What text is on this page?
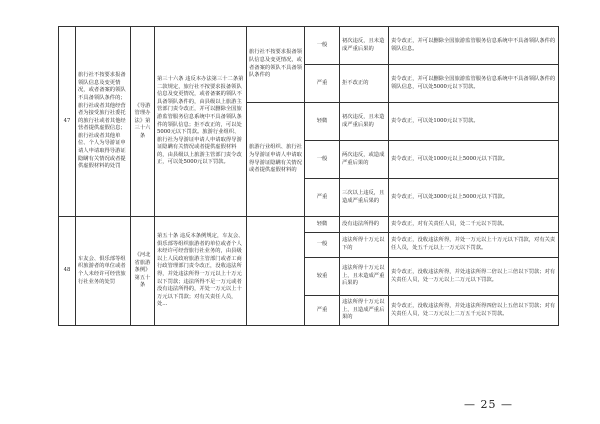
47	旅行社不按要求报备领队信息及变更情况，或者备案的领队不具备领队条件的；旅行社或者其他经营者为接受旅行社委托的旅行社或者其他经营者提供虚假信息；旅行社或者其他单位、个人为导游证申请人申请取得导游证隐瞒有关情况或者提供虚假材料的处罚	《导游管理办法》第三十六条	第三十六条 违反本办法第三十二条第二款规定，旅行社不按要求报备领队信息及变更情况，或者备案的领队不具备领队条件的，由县级以上旅游主管部门责令改正，并可以删除全国旅游监管服务信息系统中不具备领队条件的领队信息；拒不改正的，可以处5000元以下罚款。旅游行业组织、旅行社为导游证申请人申请取得导游证隐瞒有关情况或者提供虚假材料的，由县级以上旅游主管部门责令改正，可以处5000元以下罚款。	旅行社不按要求报备领队信息及变更情况，或者备案的领队不具备领队条件的	一般	初次违反，且未造成严重后果的	责令改正，并可以删除全国旅游监管服务信息系统中不具备领队条件的领队信息。
					严重	拒不改正的	责令改正，并可以删除全国旅游监管服务信息系统中不具备领队条件的领队信息，可以处5000元以下罚款。
				旅游行业组织、旅行社为导游证申请人申请取得导游证隐瞒有关情况或者提供虚假材料的	轻微	初次违反，且未造成严重后果的	责令改正，可以处1000元以下罚款。
					一般	两次违反，或造成严重后果的	责令改正，可以处1000元以上5000元以下罚款。
					严重	三次以上违反，且造成严重后果的	责令改正，可以处3000元以上5000元以下罚款。
48	车友会、俱乐部等组织旅游者的单位或者个人未经许可经营旅行社业务的处罚	《河北省旅游条例》第五十条	第五十条 违反本条例规定，车友会、俱乐部等组织旅游者的单位或者个人未经许可经营旅行社业务的，由县级以上人民政府旅游主管部门或者工商行政管理部门责令改正，没收违法所得，并处违法所得一万元以上十万元以下罚款；违法所得不足一万元或者没有违法所得的，并处一万元以上十万元以下罚款；对有关责任人员，处...		轻微	没有违法所得的	责令改正，对有关责任人员，处二千元以下罚款。
					一般	违法所得十万元以下的	责令改正，没收违法所得，并处一万元以上十万元以下罚款，对有关责任人员，处五千元以上一万元以下罚款。
					较重	违法所得十万元以上，且未造成严重后果的	责令改正，没收违法所得，并处违法所得二倍以上三倍以下罚款；对有关责任人员，处一万元以上二万元以下罚款。
					严重	违法所得十万元以上，且造成严重后果的	责令改正，没收违法所得，并处违法所得四倍以上五倍以下罚款；对有关责任人员，处二万元以上二万五千元以下罚款。
— 25 —
